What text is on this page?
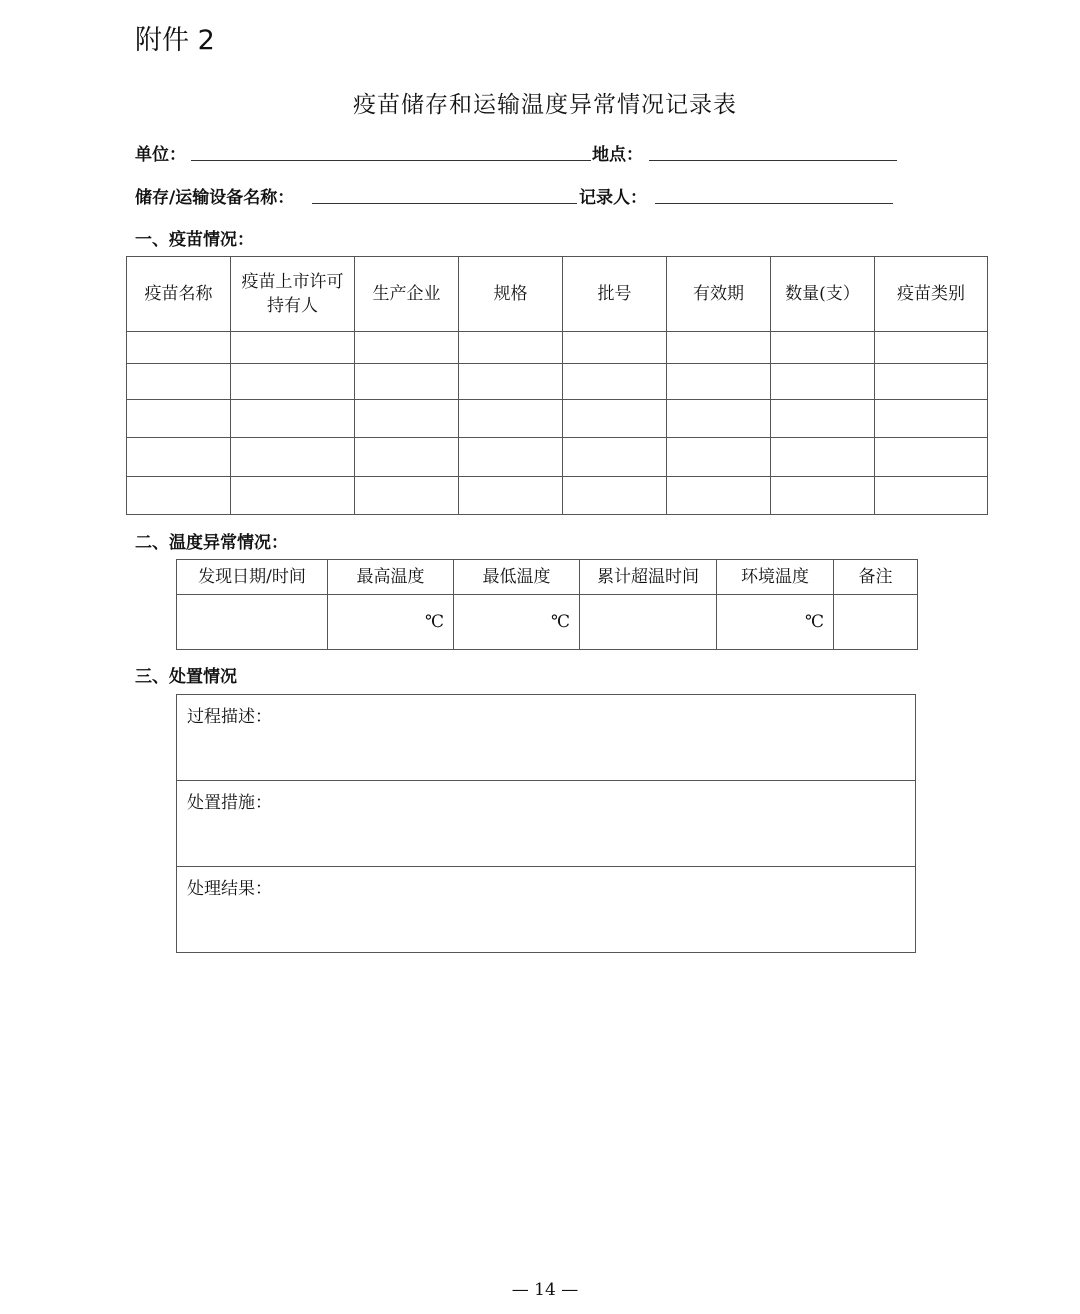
附件 2
疫苗储存和运输温度异常情况记录表
单位：	地点：
储存/运输设备名称：	记录人：
一、疫苗情况：
疫苗名称	疫苗上市许可持有人	生产企业	规格	批号	有效期	数量(支）	疫苗类别

二、温度异常情况：
发现日期/时间	最高温度	最低温度	累计超温时间	环境温度	备注
	℃	℃		℃	
三、处置情况
过程描述：
处置措施：
处理结果：
— 14 —
